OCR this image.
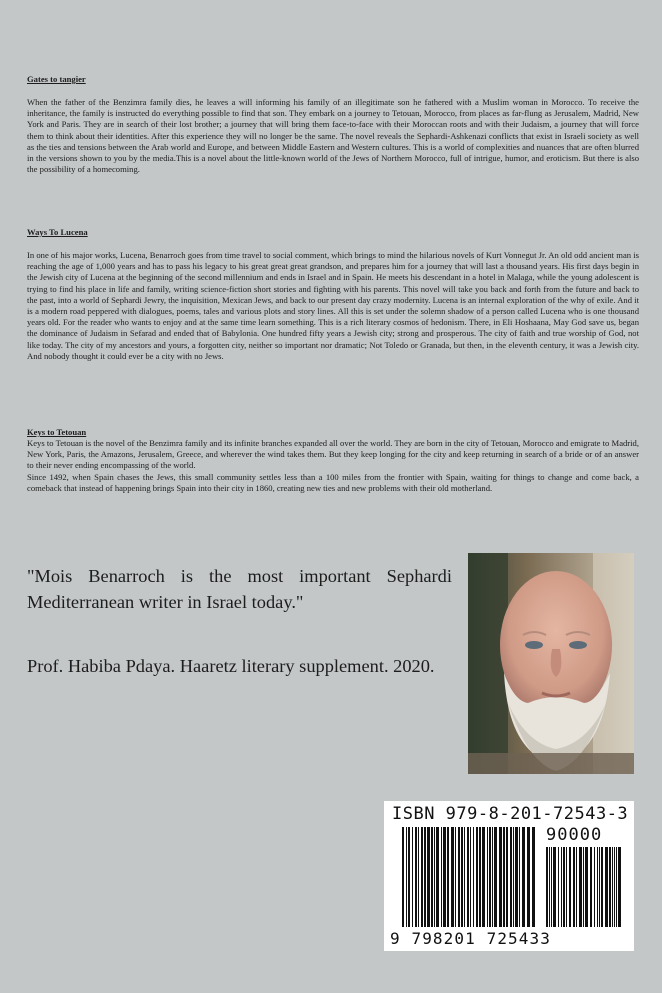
Gates to tangier

When the father of the Benzimra family dies, he leaves a will informing his family of an illegitimate son he fathered with a Muslim woman in Morocco. To receive the inheritance, the family is instructed do everything possible to find that son. They embark on a journey to Tetouan, Morocco, from places as far-flung as Jerusalem, Madrid, New York and Paris. They are in search of their lost brother; a journey that will bring them face-to-face with their Moroccan roots and with their Judaism, a journey that will force them to think about their identities. After this experience they will no longer be the same. The novel reveals the Sephardi-Ashkenazi conflicts that exist in Israeli society as well as the ties and tensions between the Arab world and Europe, and between Middle Eastern and Western cultures. This is a world of complexities and nuances that are often blurred in the versions shown to you by the media.This is a novel about the little-known world of the Jews of Northern Morocco, full of intrigue, humor, and eroticism. But there is also the possibility of a homecoming.

Ways To Lucena

In one of his major works, Lucena, Benarroch goes from time travel to social comment, which brings to mind the hilarious novels of Kurt Vonnegut Jr. An old odd ancient man is reaching the age of 1,000 years and has to pass his legacy to his great great great grandson, and prepares him for a journey that will last a thousand years. His first days begin in the Jewish city of Lucena at the beginning of the second millennium and ends in Israel and in Spain. He meets his descendant in a hotel in Malaga, while the young adolescent is trying to find his place in life and family, writing science-fiction short stories and fighting with his parents. This novel will take you back and forth from the future and back to the past, into a world of Sephardi Jewry, the inquisition, Mexican Jews, and back to our present day crazy modernity. Lucena is an internal exploration of the why of exile. And it is a modern road peppered with dialogues, poems, tales and various plots and story lines. All this is set under the solemn shadow of a person called Lucena who is one thousand years old. For the reader who wants to enjoy and at the same time learn something. This is a rich literary cosmos of hedonism. There, in Eli Hoshaana, May God save us, began the dominance of Judaism in Sefarad and ended that of Babylonia. One hundred fifty years a Jewish city; strong and prosperous. The city of faith and true worship of God, not like today. The city of my ancestors and yours, a forgotten city, neither so important nor dramatic; Not Toledo or Granada, but then, in the eleventh century, it was a Jewish city. And nobody thought it could ever be a city with no Jews.

Keys to Tetouan

Keys to Tetouan is the novel of the Benzimra family and its infinite branches expanded all over the world. They are born in the city of Tetouan, Morocco and emigrate to Madrid, New York, Paris, the Amazons, Jerusalem, Greece, and wherever the wind takes them. But they keep longing for the city and keep returning in search of a bride or of an answer to their never ending encompassing of the world.

Since 1492, when Spain chases the Jews, this small community settles less than a 100 miles from the frontier with Spain, waiting for things to change and come back, a comeback that instead of happening brings Spain into their city in 1860, creating new ties and new problems with their old motherland.

"Mois Benarroch is the most important Sephardi Mediterranean writer in Israel today."
Prof. Habiba Pdaya. Haaretz literary supplement. 2020.
ISBN 979-8-201-72543-3
90000
9 798201 725433
